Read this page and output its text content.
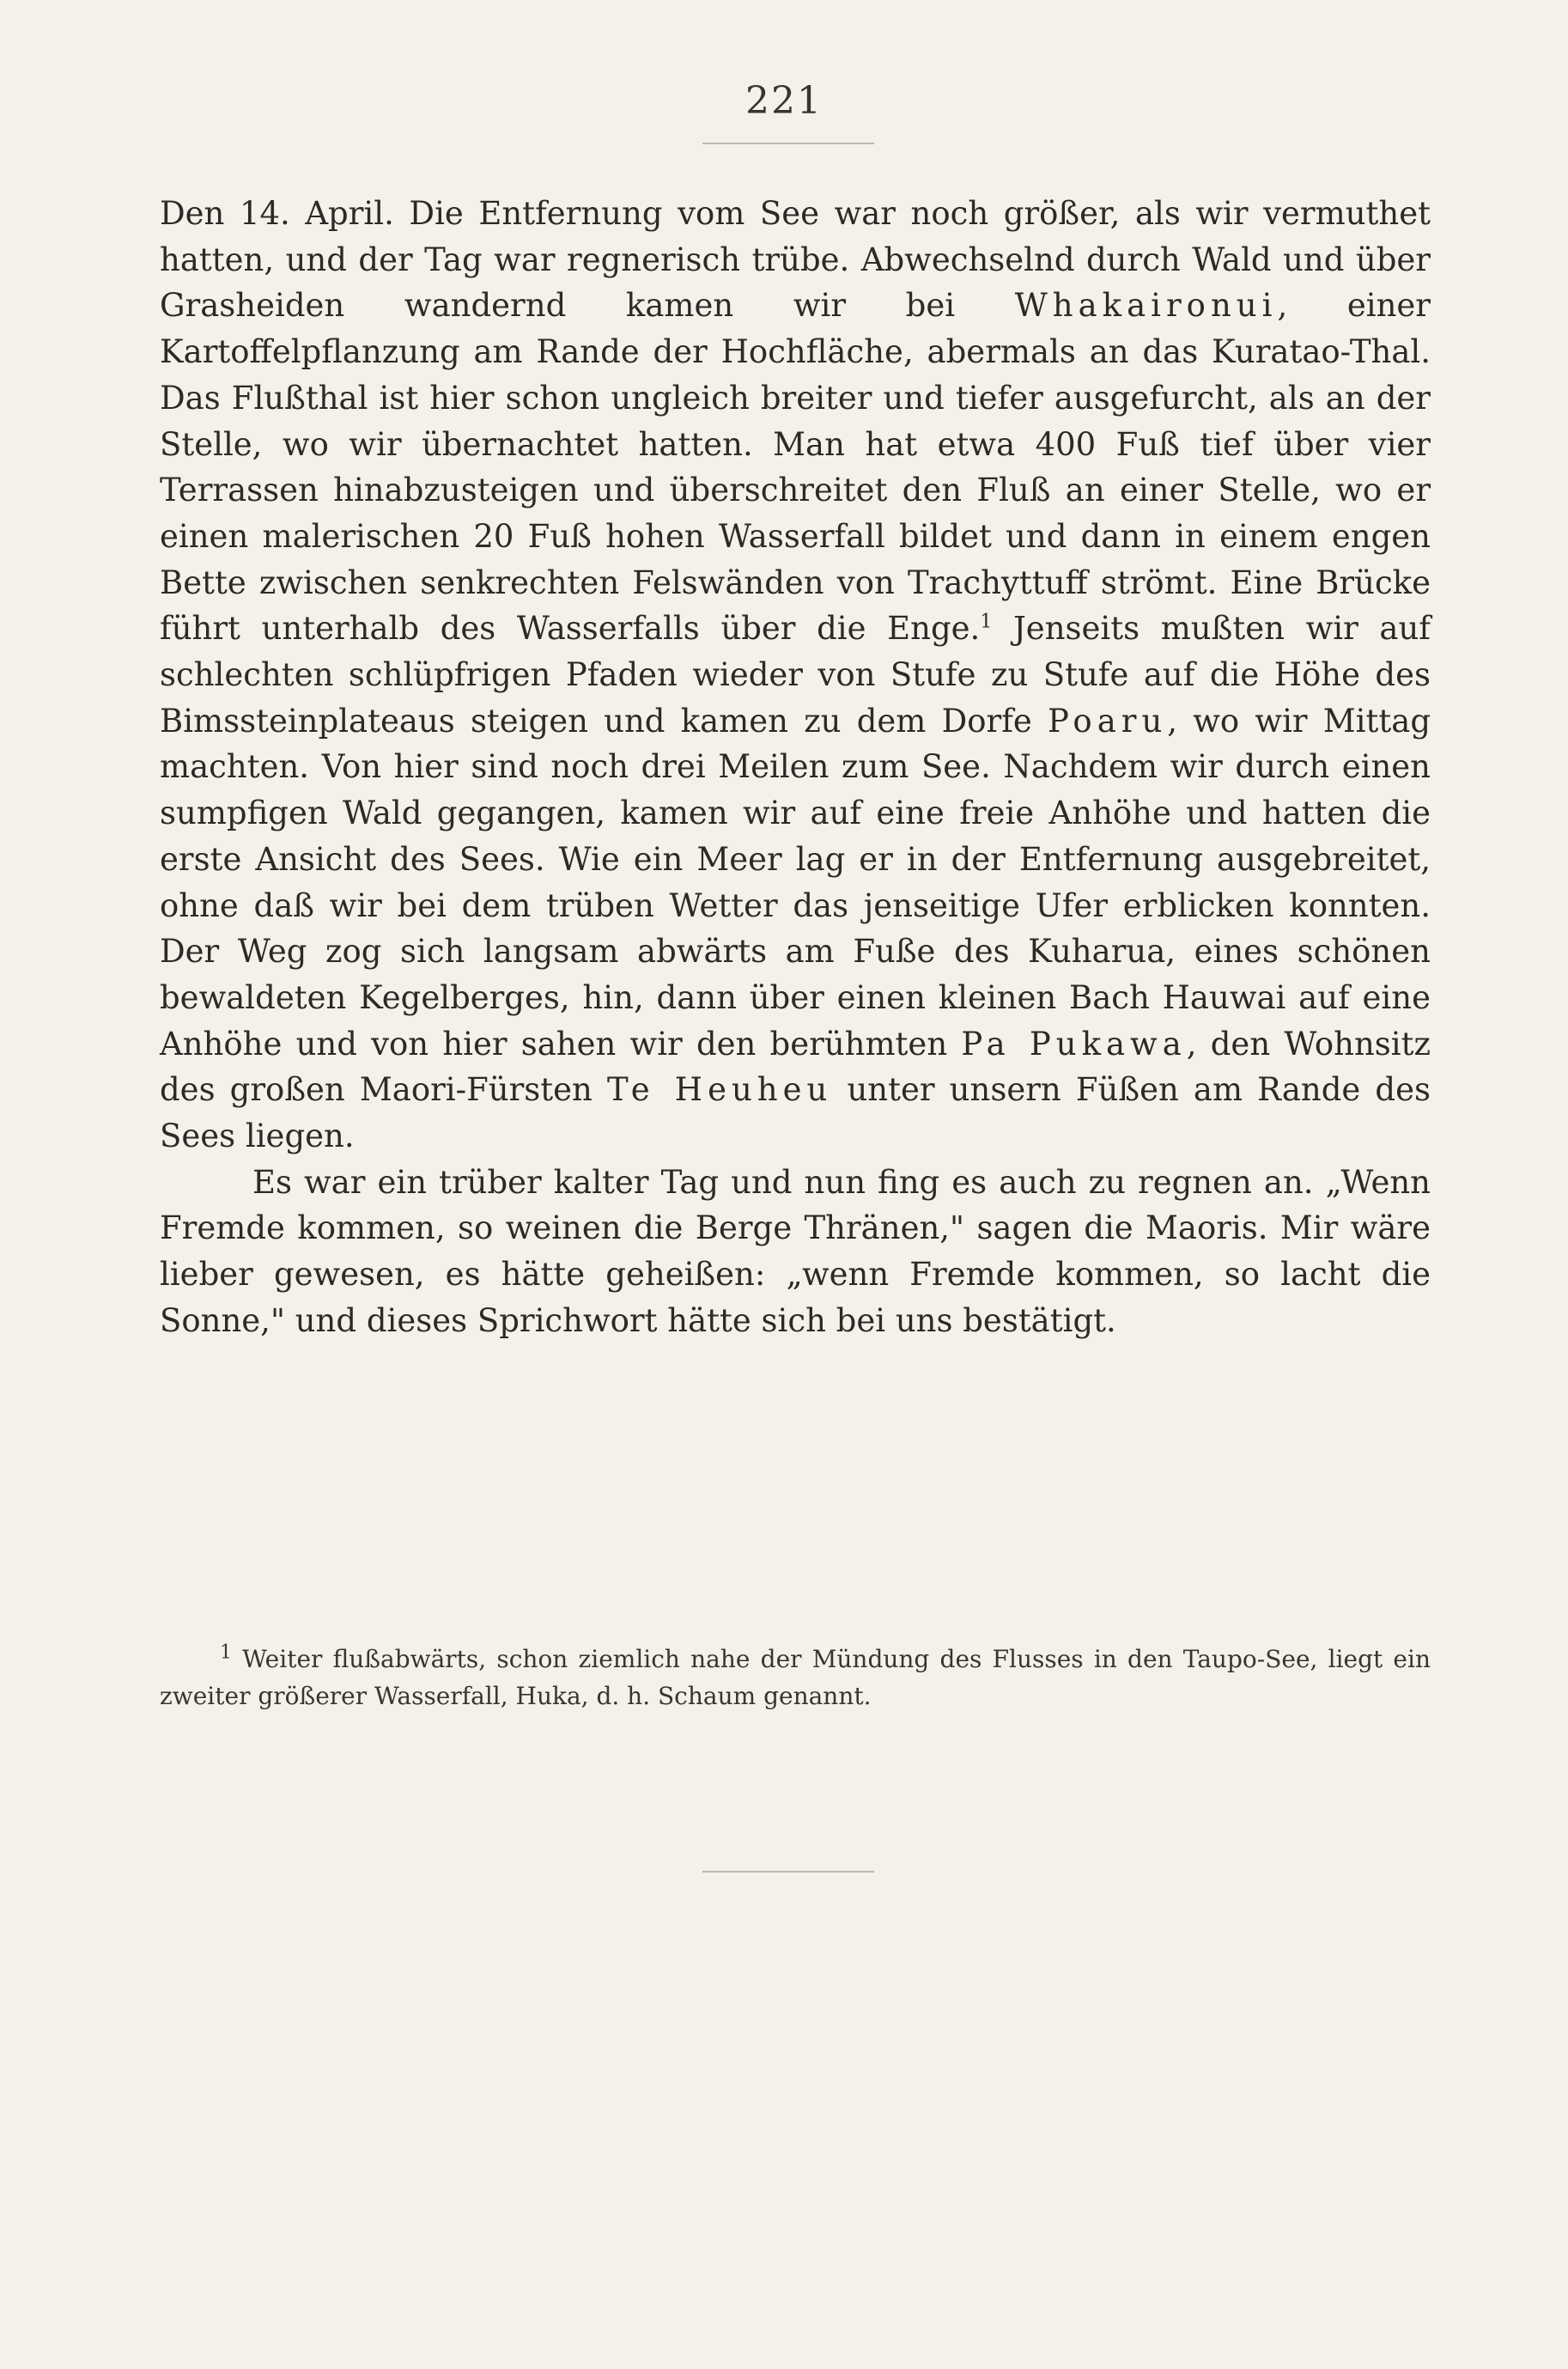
221

Den 14. April. Die Entfernung vom See war noch größer, als wir vermuthet hatten, und der Tag war regnerisch trübe. Abwechselnd durch Wald und über Grasheiden wandernd kamen wir bei Whakaironui, einer Kartoffelpflanzung am Rande der Hochfläche, abermals an das Kuratao-Thal. Das Flußthal ist hier schon ungleich breiter und tiefer ausgefurcht, als an der Stelle, wo wir übernachtet hatten. Man hat etwa 400 Fuß tief über vier Terrassen hinabzusteigen und überschreitet den Fluß an einer Stelle, wo er einen malerischen 20 Fuß hohen Wasserfall bildet und dann in einem engen Bette zwischen senkrechten Felswänden von Trachyttuff strömt. Eine Brücke führt unterhalb des Wasserfalls über die Enge.$^1$ Jenseits mußten wir auf schlechten schlüpfrigen Pfaden wieder von Stufe zu Stufe auf die Höhe des Bimssteinplateaus steigen und kamen zu dem Dorfe Poaru, wo wir Mittag machten. Von hier sind noch drei Meilen zum See. Nachdem wir durch einen sumpfigen Wald gegangen, kamen wir auf eine freie Anhöhe und hatten die erste Ansicht des Sees. Wie ein Meer lag er in der Entfernung ausgebreitet, ohne daß wir bei dem trüben Wetter das jenseitige Ufer erblicken konnten. Der Weg zog sich langsam abwärts am Fuße des Kuharua, eines schönen bewaldeten Kegelberges, hin, dann über einen kleinen Bach Hauwai auf eine Anhöhe und von hier sahen wir den berühmten Pa Pukawa, den Wohnsitz des großen Maori-Fürsten Te Heuheu unter unsern Füßen am Rande des Sees liegen.

Es war ein trüber kalter Tag und nun fing es auch zu regnen an. „Wenn Fremde kommen, so weinen die Berge Thränen," sagen die Maoris. Mir wäre lieber gewesen, es hätte geheißen: „wenn Fremde kommen, so lacht die Sonne," und dieses Sprichwort hätte sich bei uns bestätigt.

$^1$ Weiter flußabwärts, schon ziemlich nahe der Mündung des Flusses in den Taupo-See, liegt ein zweiter größerer Wasserfall, Huka, d. h. Schaum genannt.
